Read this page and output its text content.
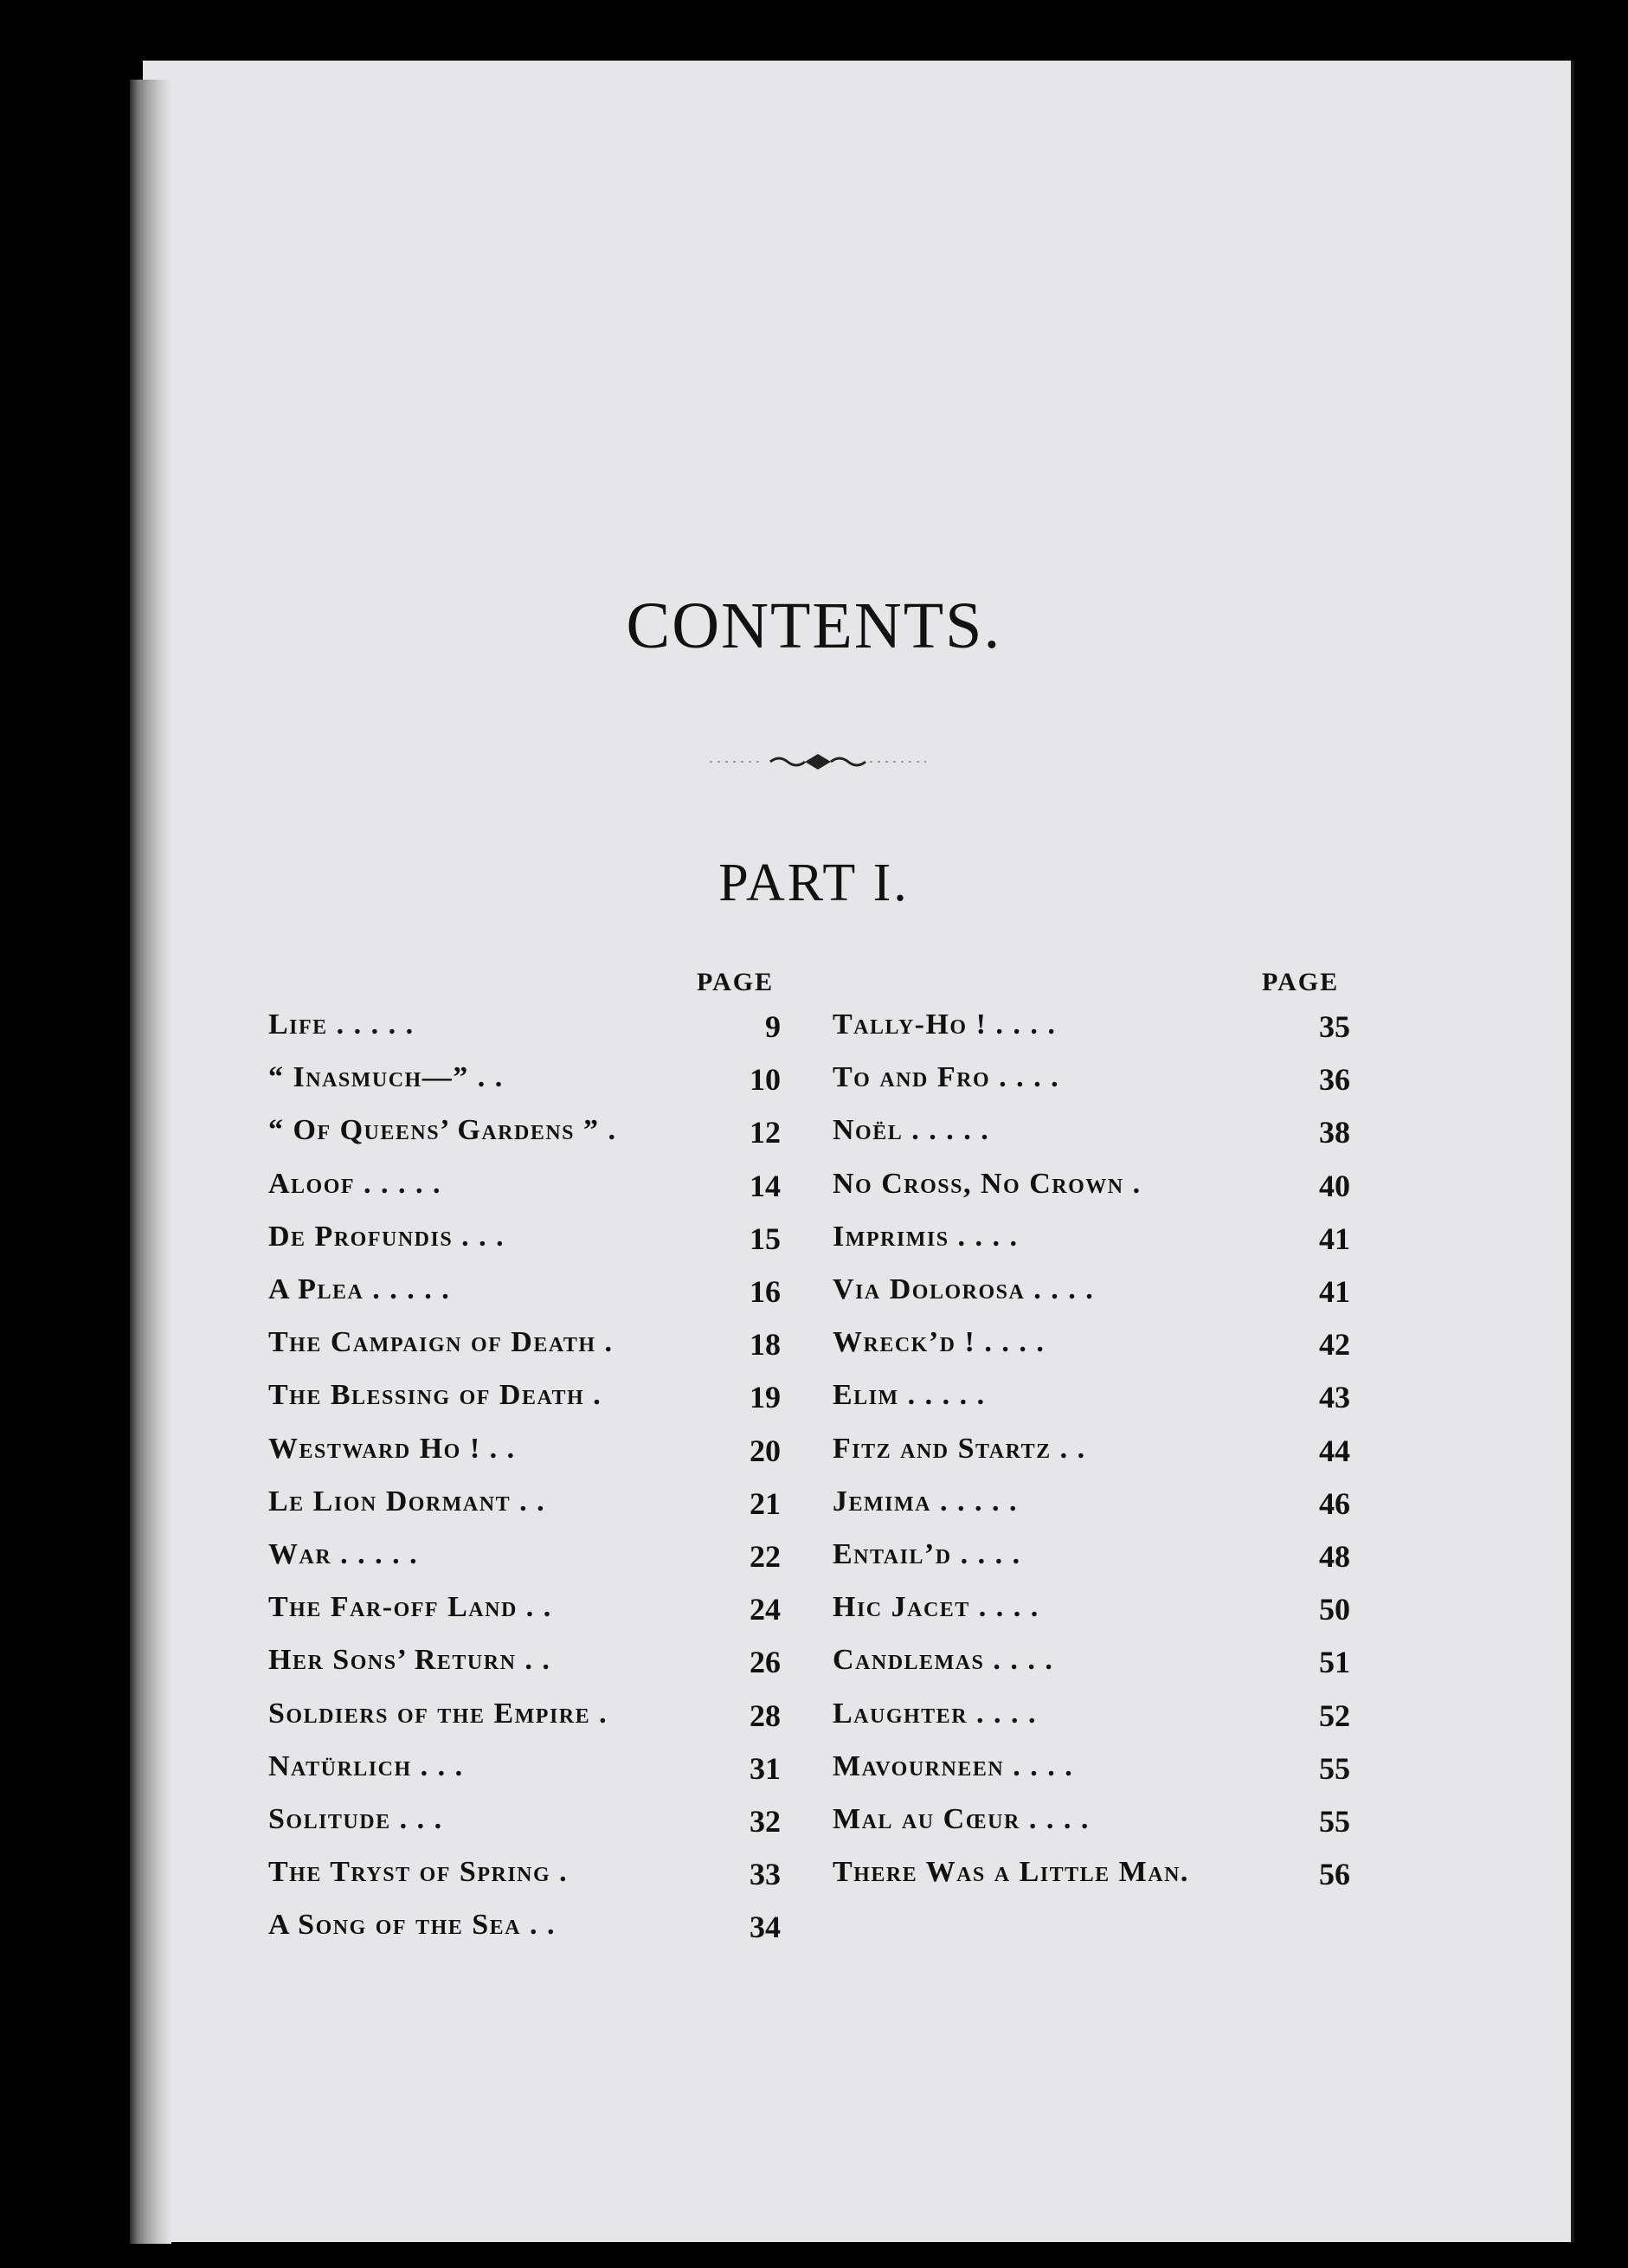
CONTENTS.
PART I.
PAGE	PAGE
Life . . . . .	9
“ Inasmuch—” . .	10
“ Of Queens’ Gardens ” .	12
Aloof . . . . .	14
De Profundis . . .	15
A Plea . . . . .	16
The Campaign of Death .	18
The Blessing of Death .	19
Westward Ho ! . .	20
Le Lion Dormant . .	21
War . . . . .	22
The Far-off Land . .	24
Her Sons’ Return . .	26
Soldiers of the Empire .	28
Natürlich . . .	31
Solitude . . .	32
The Tryst of Spring .	33
A Song of the Sea . .	34
Tally-Ho ! . . . .	35
To and Fro . . . .	36
Noël . . . . .	38
No Cross, No Crown .	40
Imprimis . . . .	41
Via Dolorosa . . . .	41
Wreck’d ! . . . .	42
Elim . . . . .	43
Fitz and Startz . .	44
Jemima . . . . .	46
Entail’d . . . .	48
Hic Jacet . . . .	50
Candlemas . . . .	51
Laughter . . . .	52
Mavourneen . . . .	55
Mal au Cœur . . . .	55
There Was a Little Man.	56
